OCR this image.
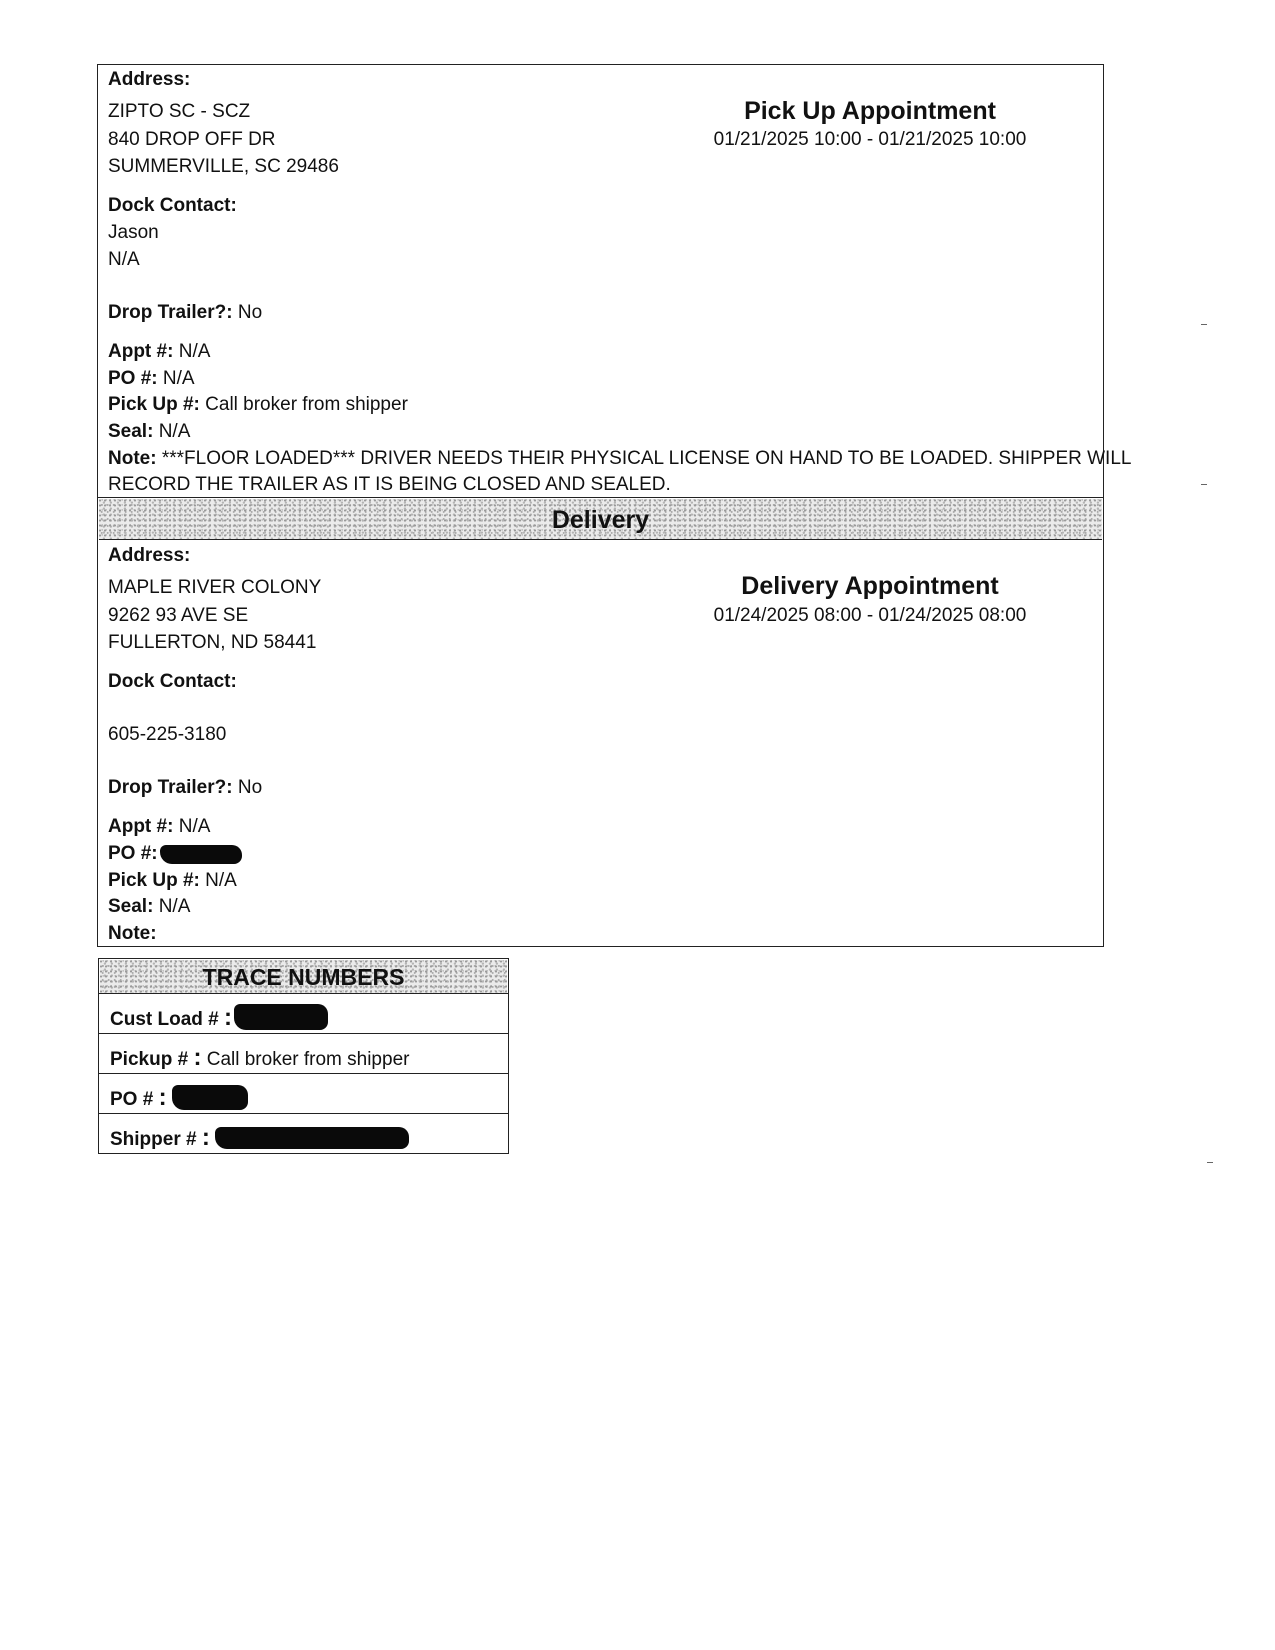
Address:
ZIPTO SC - SCZ
840 DROP OFF DR
SUMMERVILLE, SC 29486
Pick Up Appointment
01/21/2025 10:00 - 01/21/2025 10:00
Dock Contact:
Jason
N/A
Drop Trailer?: No
Appt #: N/A
PO #: N/A
Pick Up #: Call broker from shipper
Seal: N/A
Note: ***FLOOR LOADED*** DRIVER NEEDS THEIR PHYSICAL LICENSE ON HAND TO BE LOADED. SHIPPER WILL
RECORD THE TRAILER AS IT IS BEING CLOSED AND SEALED.
Delivery
Address:
MAPLE RIVER COLONY
9262 93 AVE SE
FULLERTON, ND 58441
Delivery Appointment
01/24/2025 08:00 - 01/24/2025 08:00
Dock Contact:
605-225-3180
Drop Trailer?: No
Appt #: N/A
PO #:
Pick Up #: N/A
Seal: N/A
Note:
TRACE NUMBERS
Cust Load # :
Pickup # : Call broker from shipper
PO # :
Shipper # :
